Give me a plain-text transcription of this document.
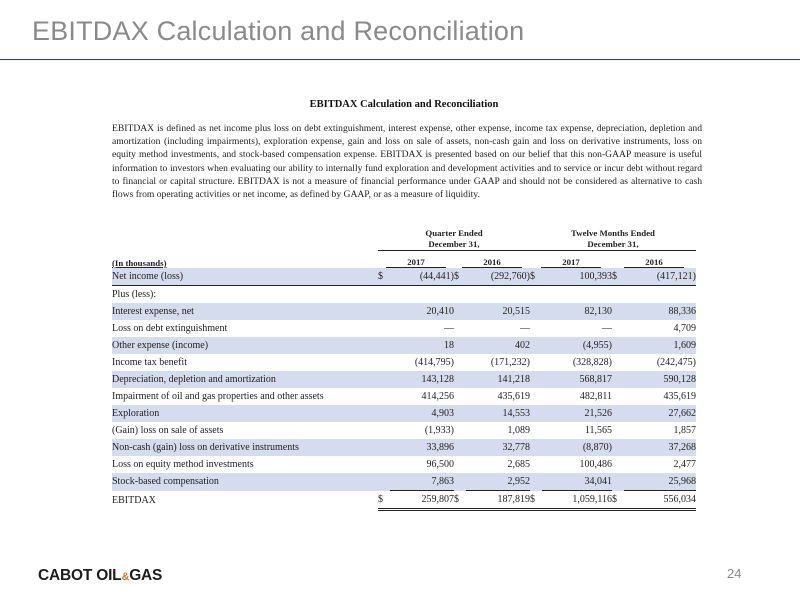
EBITDAX Calculation and Reconciliation
EBITDAX Calculation and Reconciliation
EBITDAX is defined as net income plus loss on debt extinguishment, interest expense, other expense, income tax expense, depreciation, depletion and amortization (including impairments), exploration expense, gain and loss on sale of assets, non-cash gain and loss on derivative instruments, loss on equity method investments, and stock-based compensation expense. EBITDAX is presented based on our belief that this non-GAAP measure is useful information to investors when evaluating our ability to internally fund exploration and development activities and to service or incur debt without regard to financial or capital structure. EBITDAX is not a measure of financial performance under GAAP and should not be considered as alternative to cash flows from operating activities or net income, as defined by GAAP, or as a measure of liquidity.

	Quarter Ended
December 31,				Twelve Months Ended
December 31,			

(In thousands)	2017		2016		2017		2016	
Net income (loss)	$	(44,441)	$	(292,760)	$	100,393	$	(417,121)
Plus (less):								
Interest expense, net		20,410		20,515		82,130		88,336
Loss on debt extinguishment		—		—		—		4,709
Other expense (income)		18		402		(4,955)		1,609
Income tax benefit		(414,795)		(171,232)		(328,828)		(242,475)
Depreciation, depletion and amortization		143,128		141,218		568,817		590,128
Impairment of oil and gas properties and other assets		414,256		435,619		482,811		435,619
Exploration		4,903		14,553		21,526		27,662
(Gain) loss on sale of assets		(1,933)		1,089		11,565		1,857
Non-cash (gain) loss on derivative instruments		33,896		32,778		(8,870)		37,268
Loss on equity method investments		96,500		2,685		100,486		2,477
Stock-based compensation		7,863		2,952		34,041		25,968
EBITDAX	$	259,807	$	187,819	$	1,059,116	$	556,034
CABOT OIL&GAS	24
